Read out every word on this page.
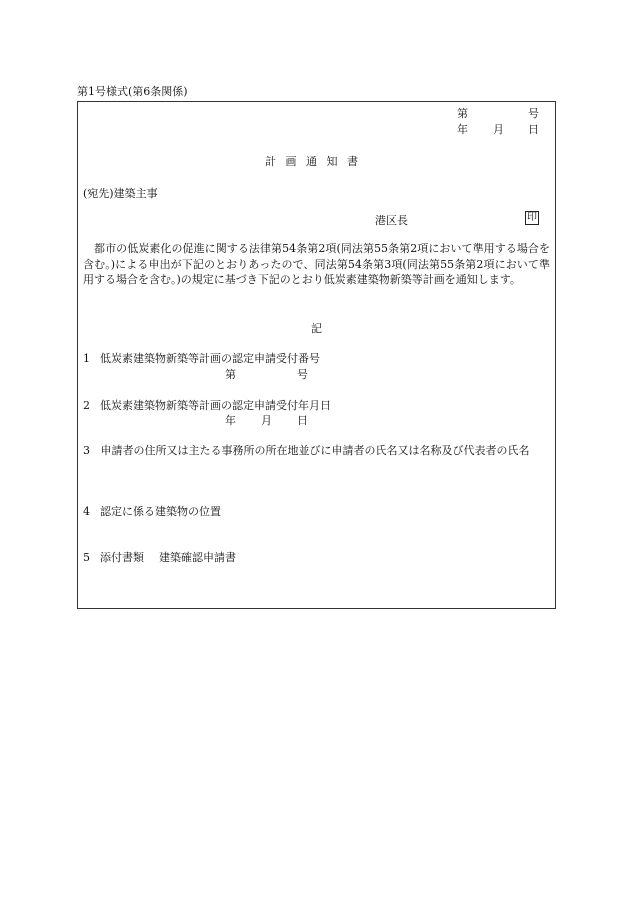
第1号様式(第6条関係)
第	号
年 月 日
計 画 通 知 書
(宛先)建築主事
港区長	印
都市の低炭素化の促進に関する法律第54条第2項(同法第55条第2項において準用する場合を含む。)による申出が下記のとおりあったので、同法第54条第3項(同法第55条第2項において準用する場合を含む。)の規定に基づき下記のとおり低炭素建築物新築等計画を通知します。
記
1 低炭素建築物新築等計画の認定申請受付番号
第	号
2 低炭素建築物新築等計画の認定申請受付年月日
年 月 日
3 申請者の住所又は主たる事務所の所在地並びに申請者の氏名又は名称及び代表者の氏名
4 認定に係る建築物の位置
5 添付書類 建築確認申請書
